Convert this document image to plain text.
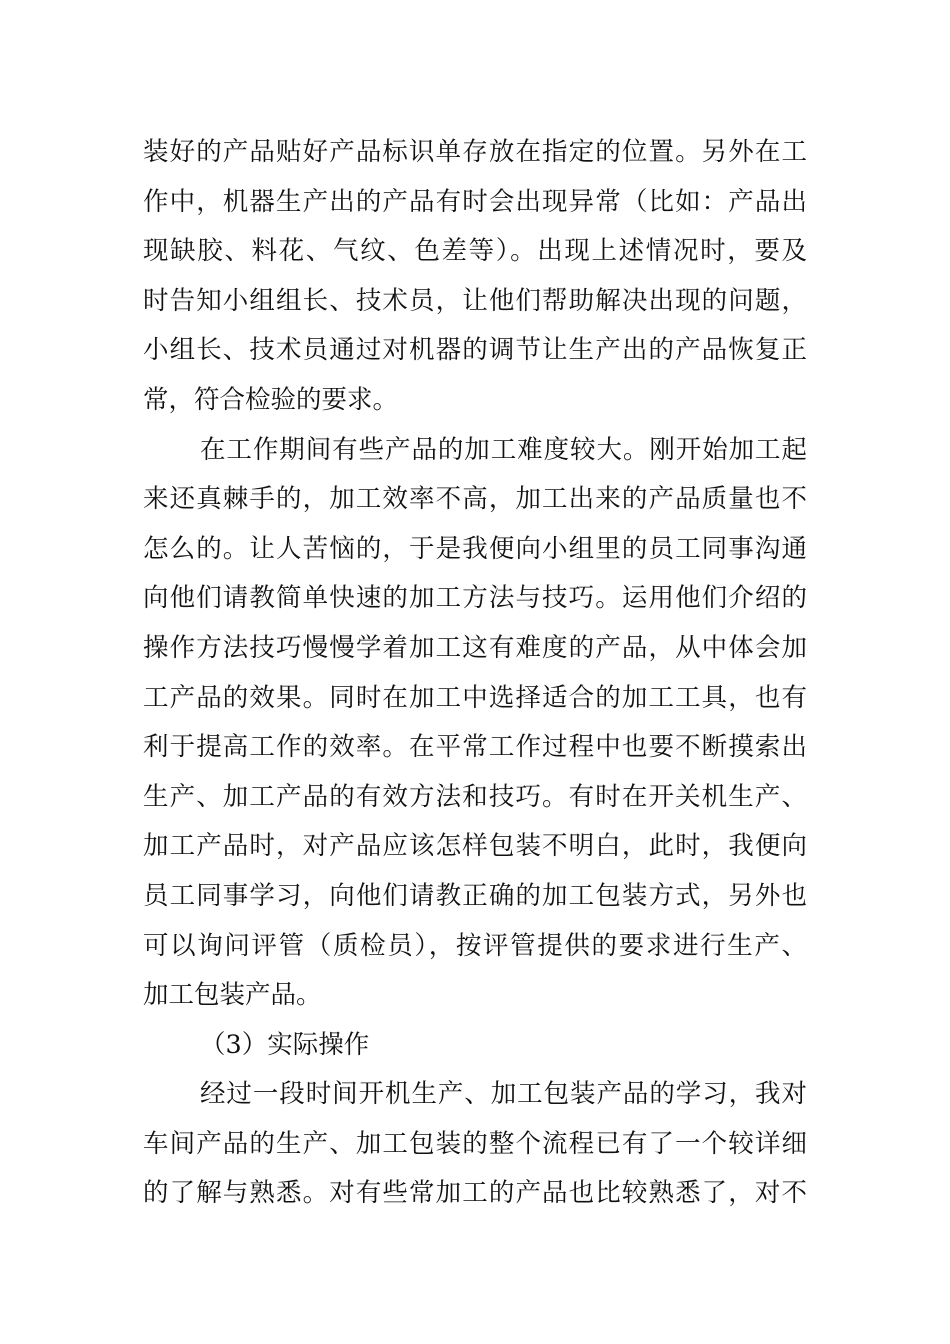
装好的产品贴好产品标识单存放在指定的位置。另外在工
作中，机器生产出的产品有时会出现异常（比如：产品出
现缺胶、料花、气纹、色差等）。出现上述情况时，要及
时告知小组组长、技术员，让他们帮助解决出现的问题，
小组长、技术员通过对机器的调节让生产出的产品恢复正
常，符合检验的要求。
在工作期间有些产品的加工难度较大。刚开始加工起
来还真棘手的，加工效率不高，加工出来的产品质量也不
怎么的。让人苦恼的，于是我便向小组里的员工同事沟通
向他们请教简单快速的加工方法与技巧。运用他们介绍的
操作方法技巧慢慢学着加工这有难度的产品，从中体会加
工产品的效果。同时在加工中选择适合的加工工具，也有
利于提高工作的效率。在平常工作过程中也要不断摸索出
生产、加工产品的有效方法和技巧。有时在开关机生产、
加工产品时，对产品应该怎样包装不明白，此时，我便向
员工同事学习，向他们请教正确的加工包装方式，另外也
可以询问评管（质检员），按评管提供的要求进行生产、
加工包装产品。
（3）实际操作
经过一段时间开机生产、加工包装产品的学习，我对
车间产品的生产、加工包装的整个流程已有了一个较详细
的了解与熟悉。对有些常加工的产品也比较熟悉了，对不
